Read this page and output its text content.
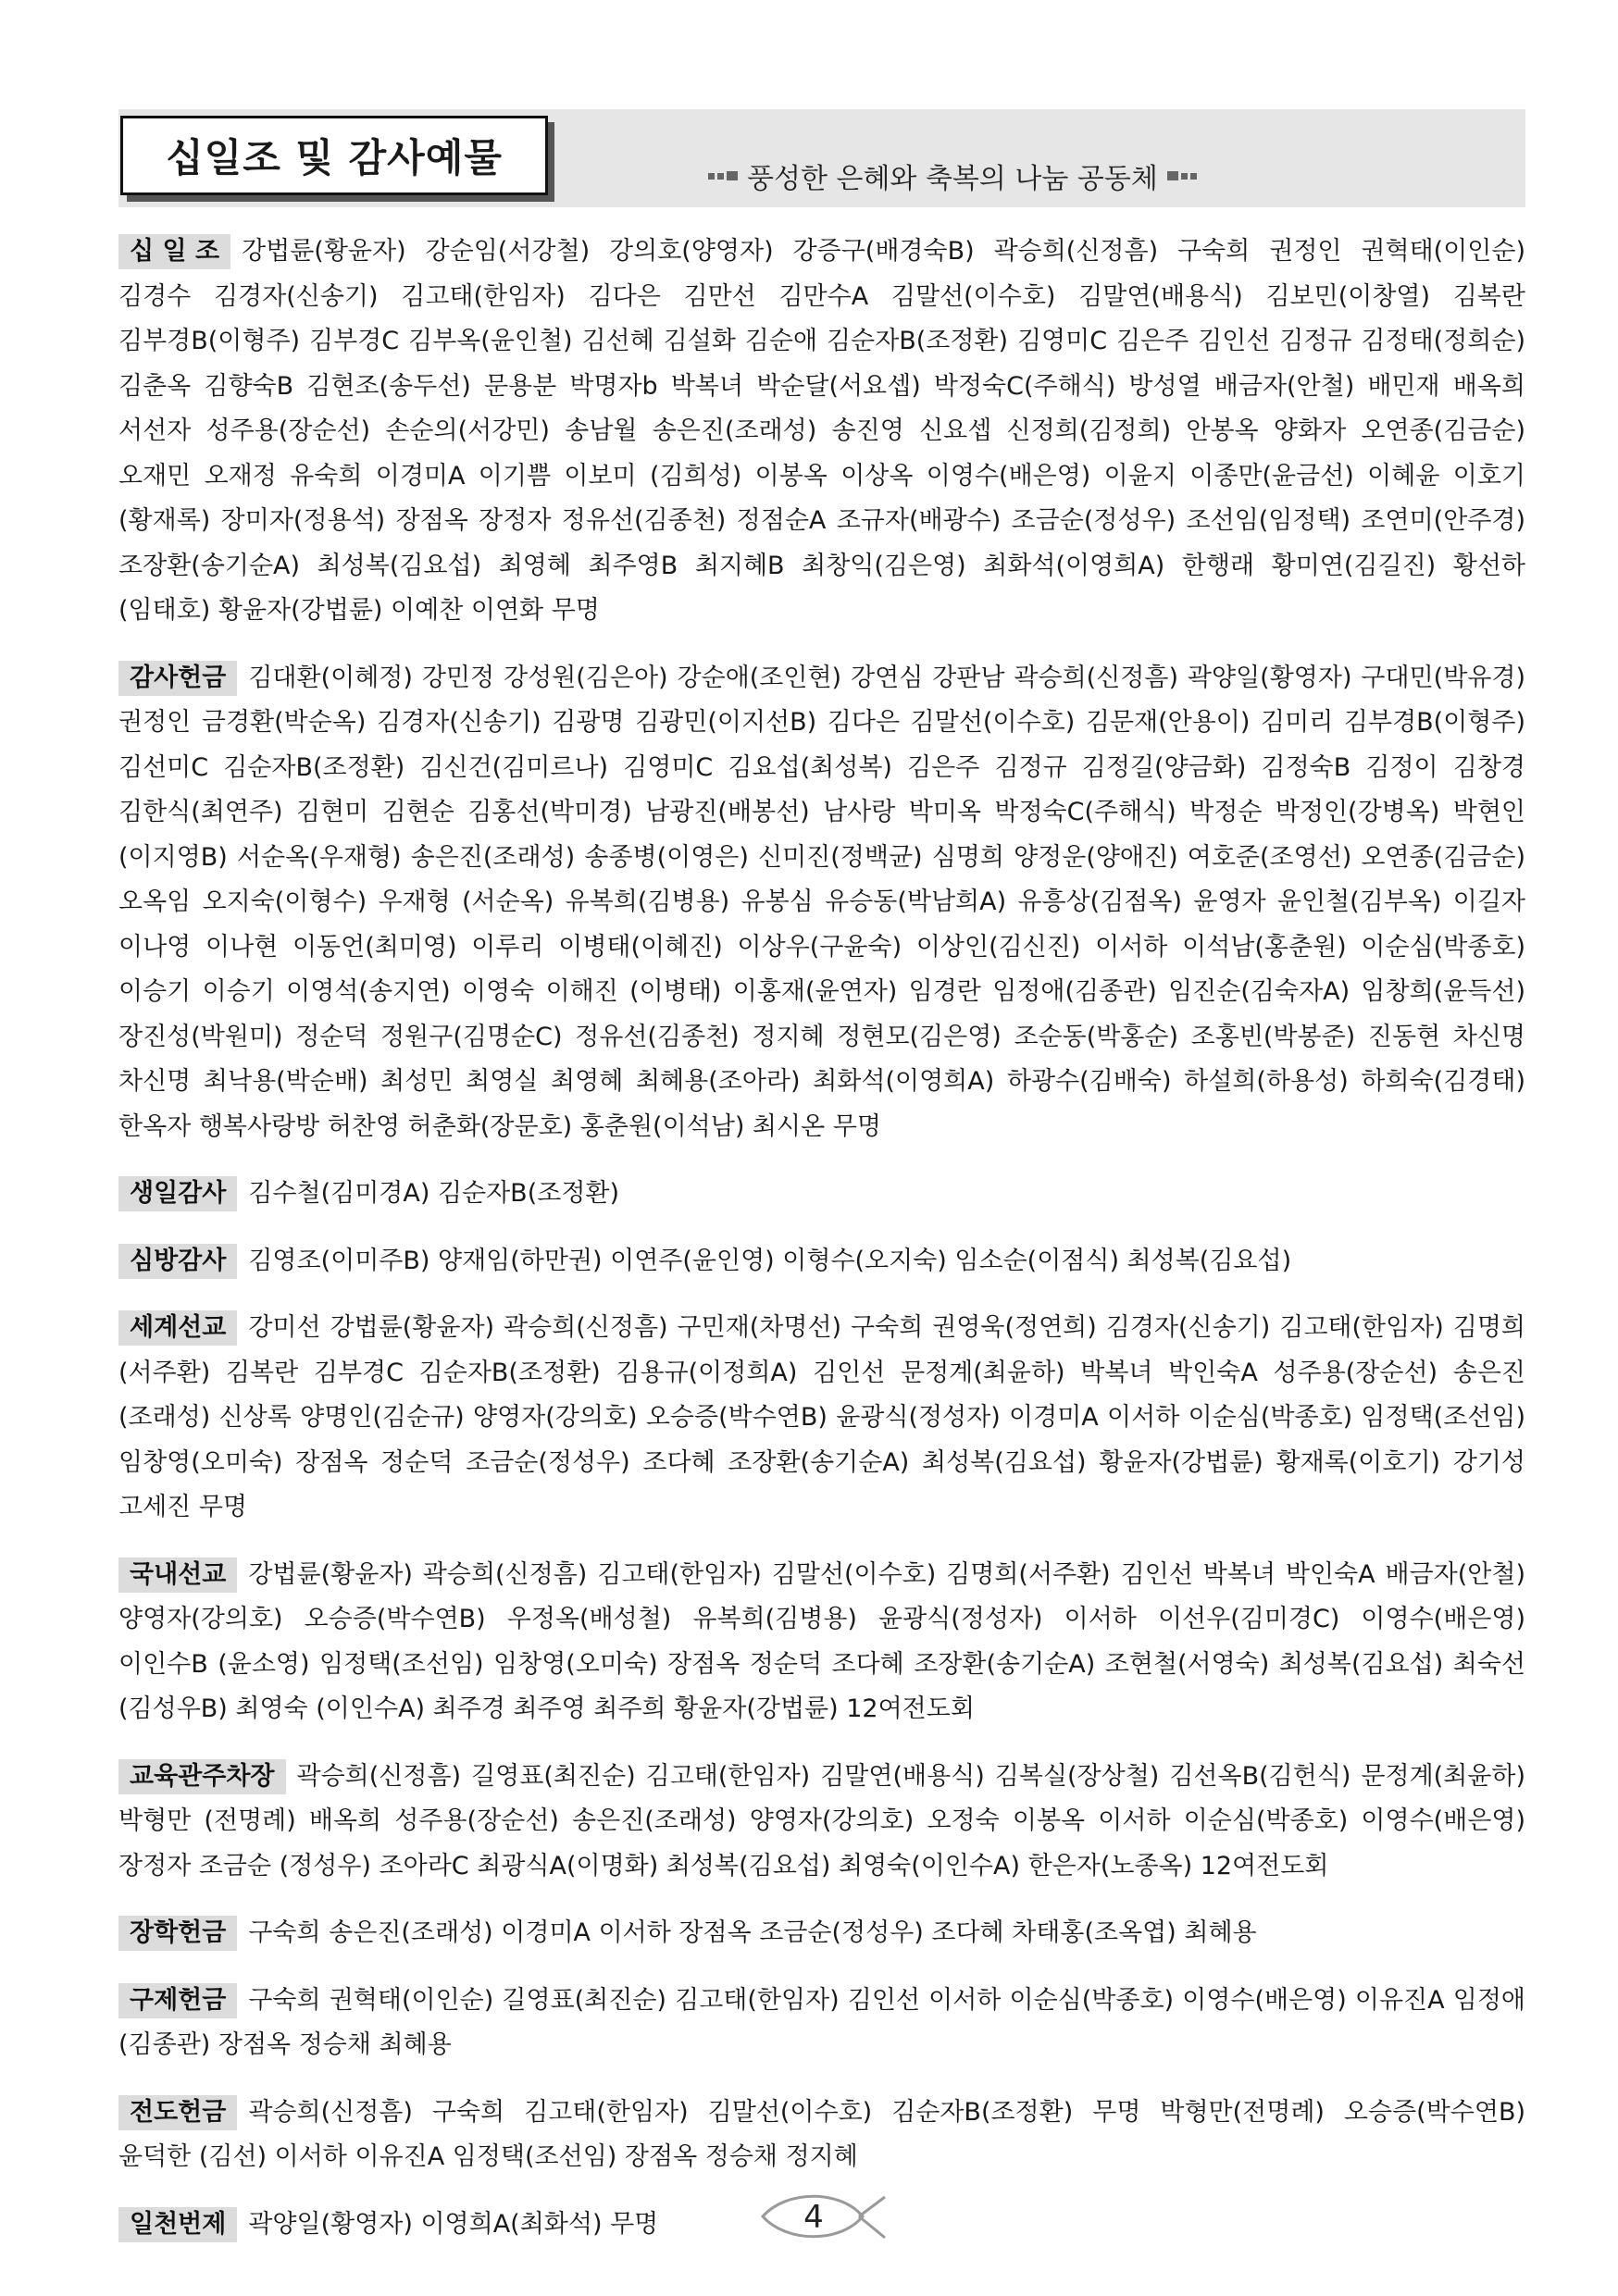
십일조 및 감사예물	풍성한 은혜와 축복의 나눔 공동체

십 일 조 강법륜(황윤자) 강순임(서강철) 강의호(양영자) 강증구(배경숙B) 곽승희(신정흠) 구숙희 권정인 권혁태(이인순) 김경수 김경자(신송기) 김고태(한임자) 김다은 김만선 김만수A 김말선(이수호) 김말연(배용식) 김보민(이창열) 김복란 김부경B(이형주) 김부경C 김부옥(윤인철) 김선혜 김설화 김순애 김순자B(조정환) 김영미C 김은주 김인선 김정규 김정태(정희순) 김춘옥 김향숙B 김현조(송두선) 문용분 박명자b 박복녀 박순달(서요셉) 박정숙C(주해식) 방성열 배금자(안철) 배민재 배옥희 서선자 성주용(장순선) 손순의(서강민) 송남월 송은진(조래성) 송진영 신요셉 신정희(김정희) 안봉옥 양화자 오연종(김금순) 오재민 오재정 유숙희 이경미A 이기쁨 이보미 (김희성) 이봉옥 이상옥 이영수(배은영) 이윤지 이종만(윤금선) 이혜윤 이호기(황재록) 장미자(정용석) 장점옥 장정자 정유선(김종천) 정점순A 조규자(배광수) 조금순(정성우) 조선임(임정택) 조연미(안주경) 조장환(송기순A) 최성복(김요섭) 최영혜 최주영B 최지혜B 최창익(김은영) 최화석(이영희A) 한행래 황미연(김길진) 황선하(임태호) 황윤자(강법륜) 이예찬 이연화 무명

감사헌금 김대환(이혜정) 강민정 강성원(김은아) 강순애(조인현) 강연심 강판남 곽승희(신정흠) 곽양일(황영자) 구대민(박유경) 권정인 금경환(박순옥) 김경자(신송기) 김광명 김광민(이지선B) 김다은 김말선(이수호) 김문재(안용이) 김미리 김부경B(이형주) 김선미C 김순자B(조정환) 김신건(김미르나) 김영미C 김요섭(최성복) 김은주 김정규 김정길(양금화) 김정숙B 김정이 김창경 김한식(최연주) 김현미 김현순 김홍선(박미경) 남광진(배봉선) 남사랑 박미옥 박정숙C(주해식) 박정순 박정인(강병옥) 박현인(이지영B) 서순옥(우재형) 송은진(조래성) 송종병(이영은) 신미진(정백균) 심명희 양정운(양애진) 여호준(조영선) 오연종(김금순) 오옥임 오지숙(이형수) 우재형 (서순옥) 유복희(김병용) 유봉심 유승동(박남희A) 유흥상(김점옥) 윤영자 윤인철(김부옥) 이길자 이나영 이나현 이동언(최미영) 이루리 이병태(이혜진) 이상우(구윤숙) 이상인(김신진) 이서하 이석남(홍춘원) 이순심(박종호) 이승기 이승기 이영석(송지연) 이영숙 이해진 (이병태) 이홍재(윤연자) 임경란 임정애(김종관) 임진순(김숙자A) 임창희(윤득선) 장진성(박원미) 정순덕 정원구(김명순C) 정유선(김종천) 정지혜 정현모(김은영) 조순동(박홍순) 조홍빈(박봉준) 진동현 차신명 차신명 최낙용(박순배) 최성민 최영실 최영혜 최혜용(조아라) 최화석(이영희A) 하광수(김배숙) 하설희(하용성) 하희숙(김경태) 한옥자 행복사랑방 허찬영 허춘화(장문호) 홍춘원(이석남) 최시온 무명

생일감사 김수철(김미경A) 김순자B(조정환)

심방감사 김영조(이미주B) 양재임(하만권) 이연주(윤인영) 이형수(오지숙) 임소순(이점식) 최성복(김요섭)

세계선교 강미선 강법륜(황윤자) 곽승희(신정흠) 구민재(차명선) 구숙희 권영욱(정연희) 김경자(신송기) 김고태(한임자) 김명희 (서주환) 김복란 김부경C 김순자B(조정환) 김용규(이정희A) 김인선 문정계(최윤하) 박복녀 박인숙A 성주용(장순선) 송은진(조래성) 신상록 양명인(김순규) 양영자(강의호) 오승증(박수연B) 윤광식(정성자) 이경미A 이서하 이순심(박종호) 임정택(조선임) 임창영(오미숙) 장점옥 정순덕 조금순(정성우) 조다혜 조장환(송기순A) 최성복(김요섭) 황윤자(강법륜) 황재록(이호기) 강기성 고세진 무명

국내선교 강법륜(황윤자) 곽승희(신정흠) 김고태(한임자) 김말선(이수호) 김명희(서주환) 김인선 박복녀 박인숙A 배금자(안철) 양영자(강의호) 오승증(박수연B) 우정옥(배성철) 유복희(김병용) 윤광식(정성자) 이서하 이선우(김미경C) 이영수(배은영) 이인수B (윤소영) 임정택(조선임) 임창영(오미숙) 장점옥 정순덕 조다혜 조장환(송기순A) 조현철(서영숙) 최성복(김요섭) 최숙선(김성우B) 최영숙 (이인수A) 최주경 최주영 최주희 황윤자(강법륜) 12여전도회

교육관주차장 곽승희(신정흠) 길영표(최진순) 김고태(한임자) 김말연(배용식) 김복실(장상철) 김선옥B(김헌식) 문정계(최윤하) 박형만 (전명례) 배옥희 성주용(장순선) 송은진(조래성) 양영자(강의호) 오정숙 이봉옥 이서하 이순심(박종호) 이영수(배은영) 장정자 조금순 (정성우) 조아라C 최광식A(이명화) 최성복(김요섭) 최영숙(이인수A) 한은자(노종옥) 12여전도회

장학헌금 구숙희 송은진(조래성) 이경미A 이서하 장점옥 조금순(정성우) 조다혜 차태홍(조옥엽) 최혜용

구제헌금 구숙희 권혁태(이인순) 길영표(최진순) 김고태(한임자) 김인선 이서하 이순심(박종호) 이영수(배은영) 이유진A 임정애 (김종관) 장점옥 정승채 최혜용

전도헌금 곽승희(신정흠) 구숙희 김고태(한임자) 김말선(이수호) 김순자B(조정환) 무명 박형만(전명례) 오승증(박수연B) 윤덕한 (김선) 이서하 이유진A 임정택(조선임) 장점옥 정승채 정지혜

일천번제 곽양일(황영자) 이영희A(최화석) 무명	4
